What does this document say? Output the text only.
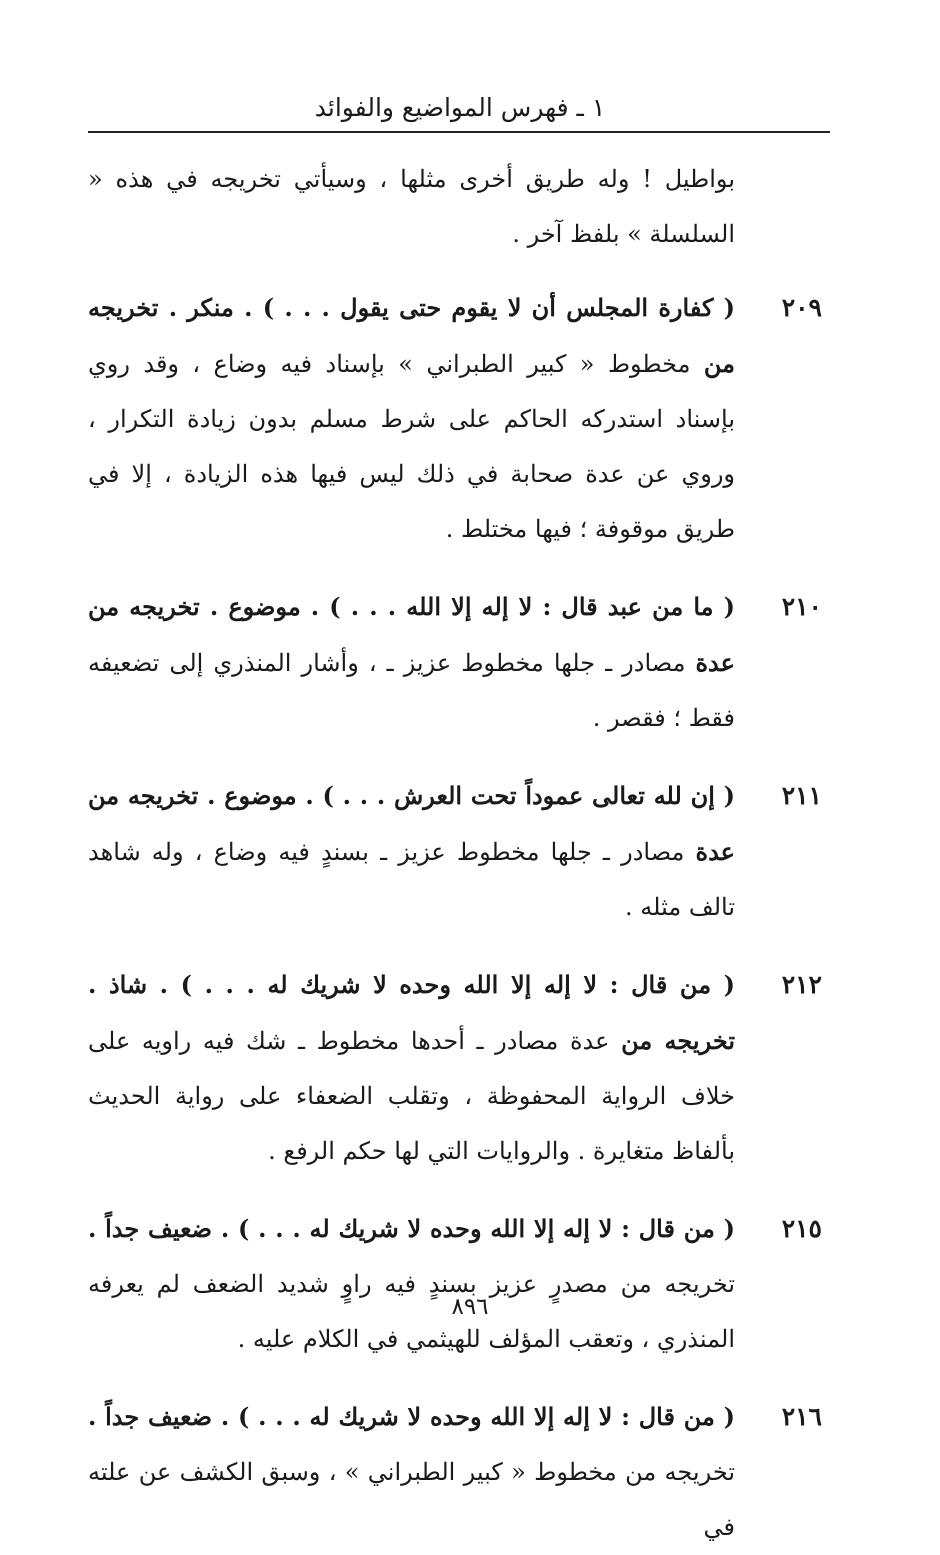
١ ـ فهرس المواضيع والفوائد
بواطيل ! وله طريق أخرى مثلها ، وسيأتي تخريجه في هذه « السلسلة » بلفظ آخر .
٢٠٩
( كفارة المجلس أن لا يقوم حتى يقول . . . ) . منكر . تخريجه من مخطوط « كبير الطبراني » بإسناد فيه وضاع ، وقد روي بإسناد استدركه الحاكم على شرط مسلم بدون زيادة التكرار ، وروي عن عدة صحابة في ذلك ليس فيها هذه الزيادة ، إلا في طريق موقوفة ؛ فيها مختلط .
٢١٠
( ما من عبد قال : لا إله إلا الله . . . ) . موضوع . تخريجه من عدة مصادر ـ جلها مخطوط عزيز ـ ، وأشار المنذري إلى تضعيفه فقط ؛ فقصر .
٢١١
( إن لله تعالى عموداً تحت العرش . . . ) . موضوع . تخريجه من عدة مصادر ـ جلها مخطوط عزيز ـ بسندٍ فيه وضاع ، وله شاهد تالف مثله .
٢١٢
( من قال : لا إله إلا الله وحده لا شريك له . . . ) . شاذ . تخريجه من عدة مصادر ـ أحدها مخطوط ـ شك فيه راويه على خلاف الرواية المحفوظة ، وتقلب الضعفاء على رواية الحديث بألفاظ متغايرة . والروايات التي لها حكم الرفع .
٢١٥
( من قال : لا إله إلا الله وحده لا شريك له . . . ) . ضعيف جداً . تخريجه من مصدرٍ عزيز بسندٍ فيه راوٍ شديد الضعف لم يعرفه المنذري ، وتعقب المؤلف للهيثمي في الكلام عليه .
٢١٦
( من قال : لا إله إلا الله وحده لا شريك له . . . ) . ضعيف جداً . تخريجه من مخطوط « كبير الطبراني » ، وسبق الكشف عن علته في
٨٩٦
